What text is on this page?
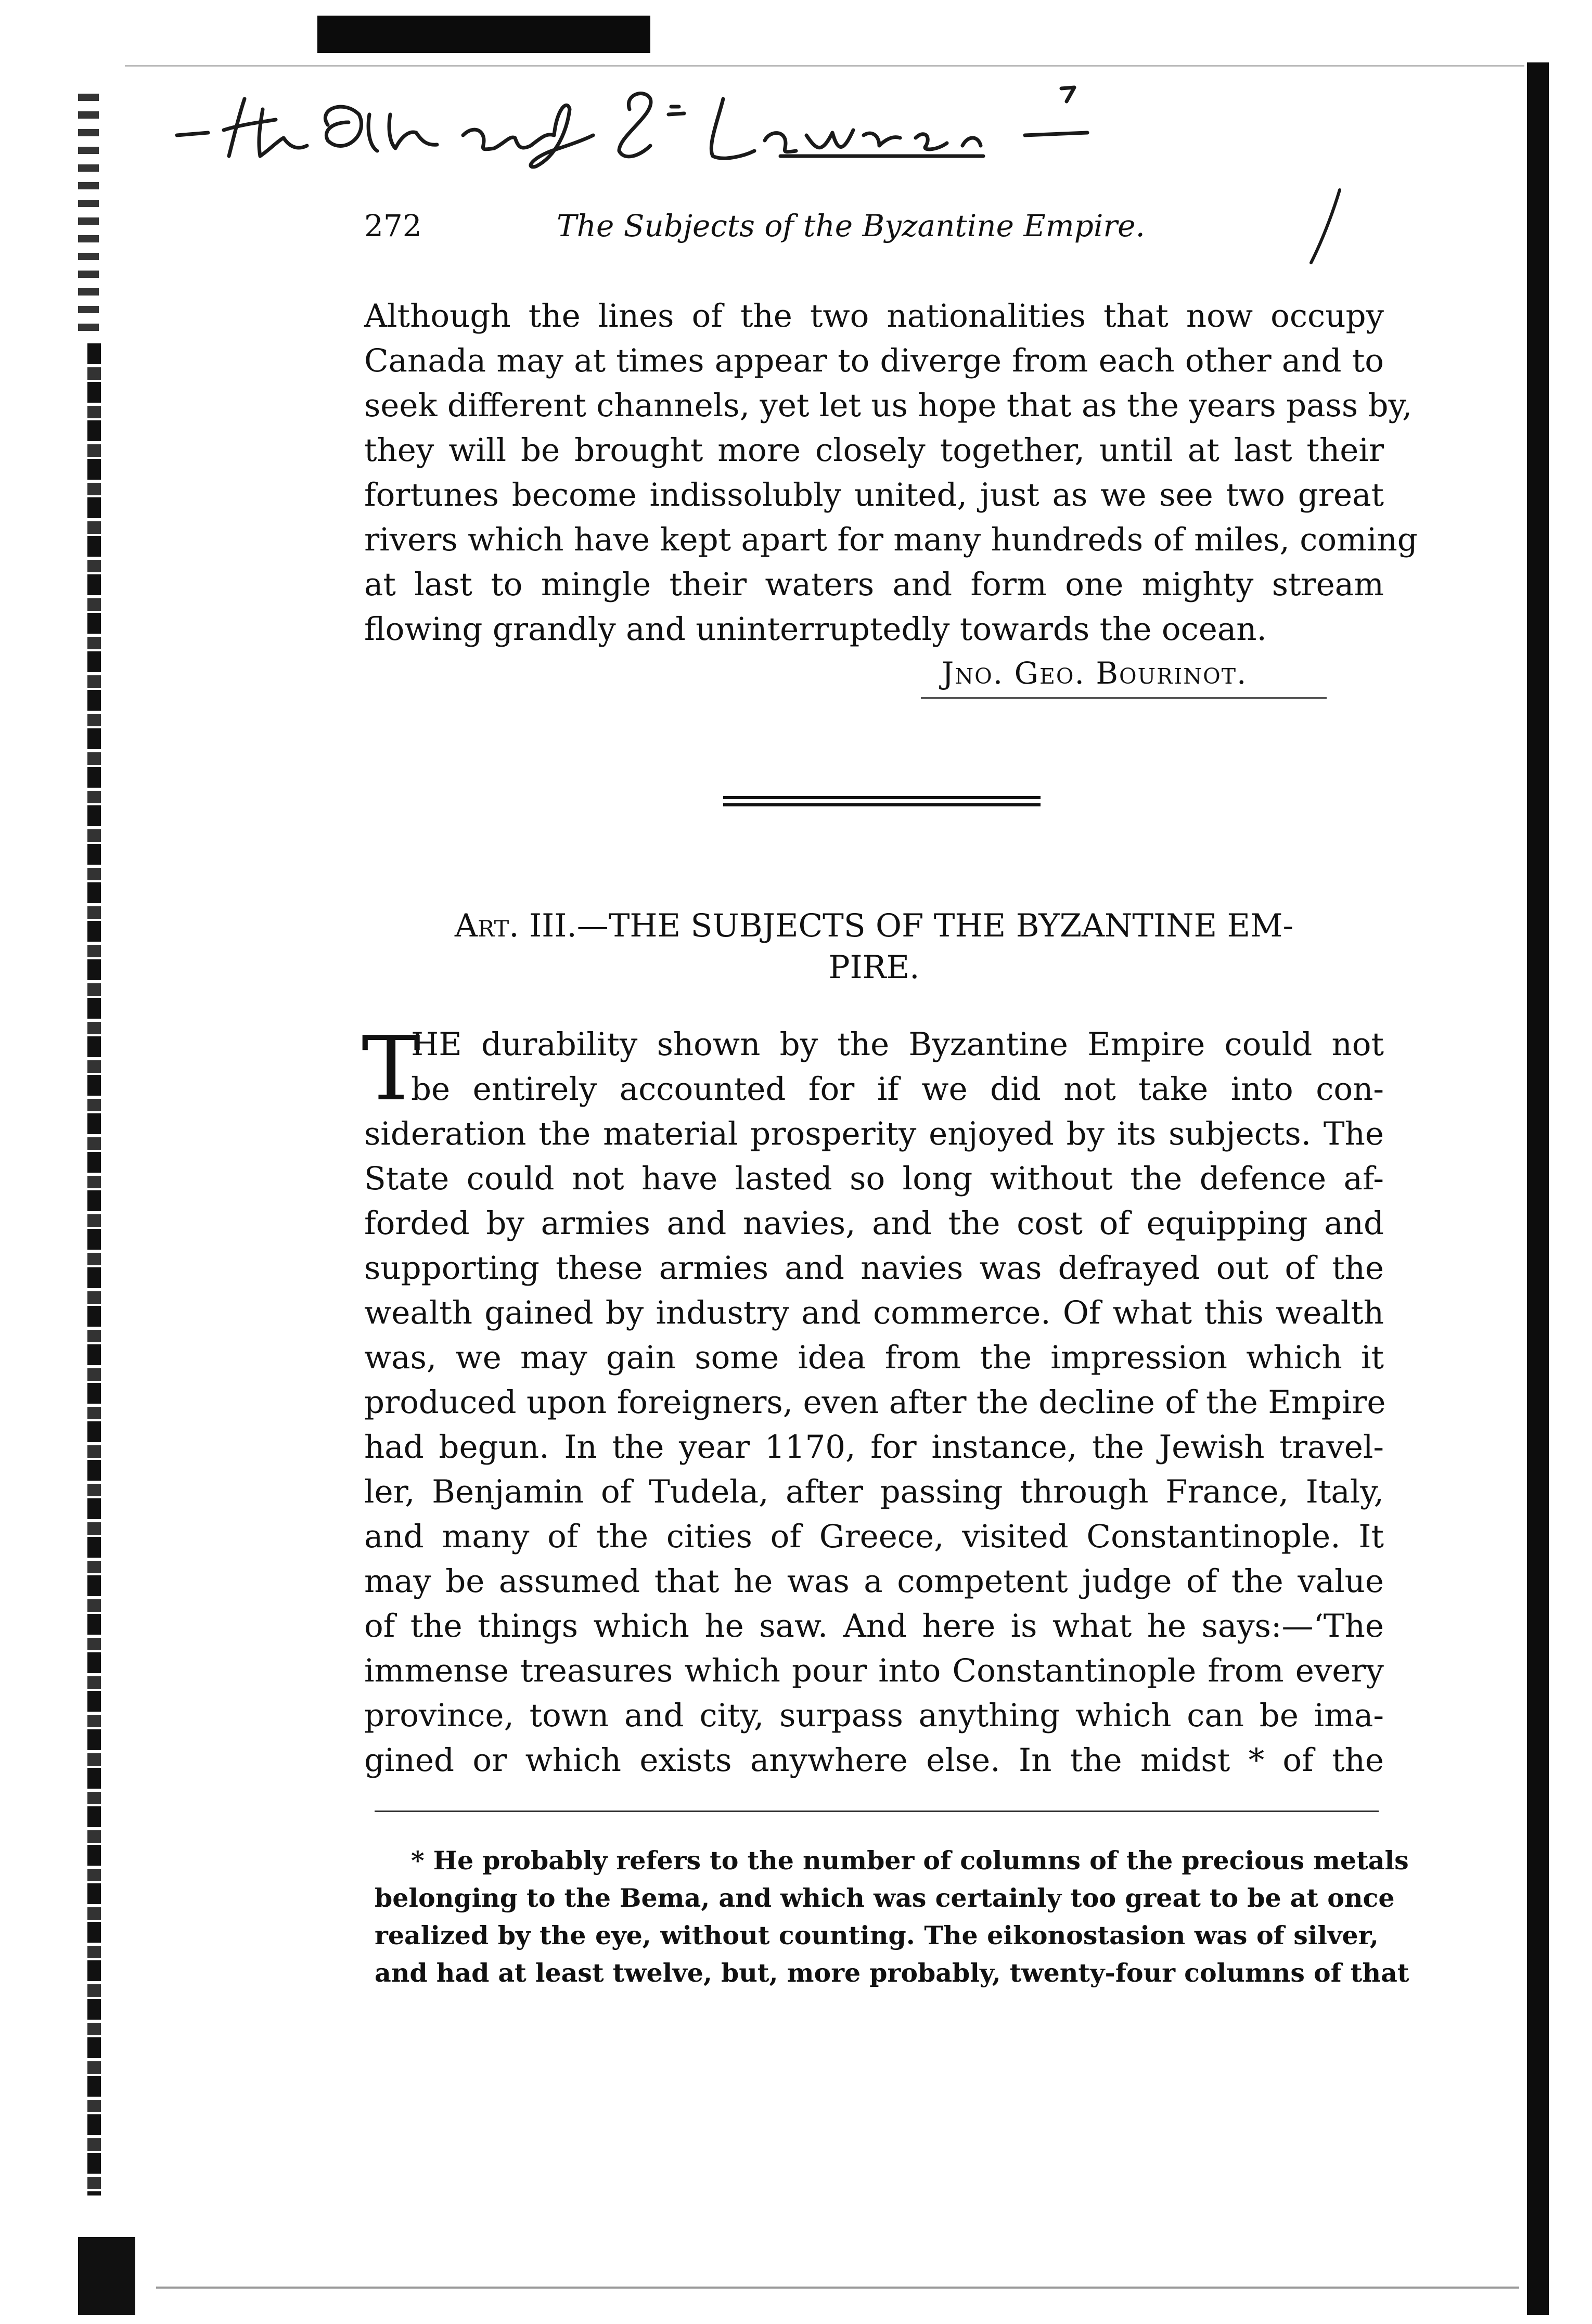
272	The Subjects of the Byzantine Empire.
Although the lines of the two nationalities that now occupy
Canada may at times appear to diverge from each other and to
seek different channels, yet let us hope that as the years pass by,
they will be brought more closely together, until at last their
fortunes become indissolubly united, just as we see two great
rivers which have kept apart for many hundreds of miles, coming
at last to mingle their waters and form one mighty stream
flowing grandly and uninterruptedly towards the ocean.
Jno. Geo. Bourinot.
Art. III.—THE SUBJECTS OF THE BYZANTINE EM-
PIRE.
T
HE durability shown by the Byzantine Empire could not
be entirely accounted for if we did not take into con-
sideration the material prosperity enjoyed by its subjects. The
State could not have lasted so long without the defence af-
forded by armies and navies, and the cost of equipping and
supporting these armies and navies was defrayed out of the
wealth gained by industry and commerce. Of what this wealth
was, we may gain some idea from the impression which it
produced upon foreigners, even after the decline of the Empire
had begun. In the year 1170, for instance, the Jewish travel-
ler, Benjamin of Tudela, after passing through France, Italy,
and many of the cities of Greece, visited Constantinople. It
may be assumed that he was a competent judge of the value
of the things which he saw. And here is what he says:—‘The
immense treasures which pour into Constantinople from every
province, town and city, surpass anything which can be ima-
gined or which exists anywhere else. In the midst * of the
* He probably refers to the number of columns of the precious metals
belonging to the Bema, and which was certainly too great to be at once
realized by the eye, without counting. The eikonostasion was of silver,
and had at least twelve, but, more probably, twenty-four columns of that
